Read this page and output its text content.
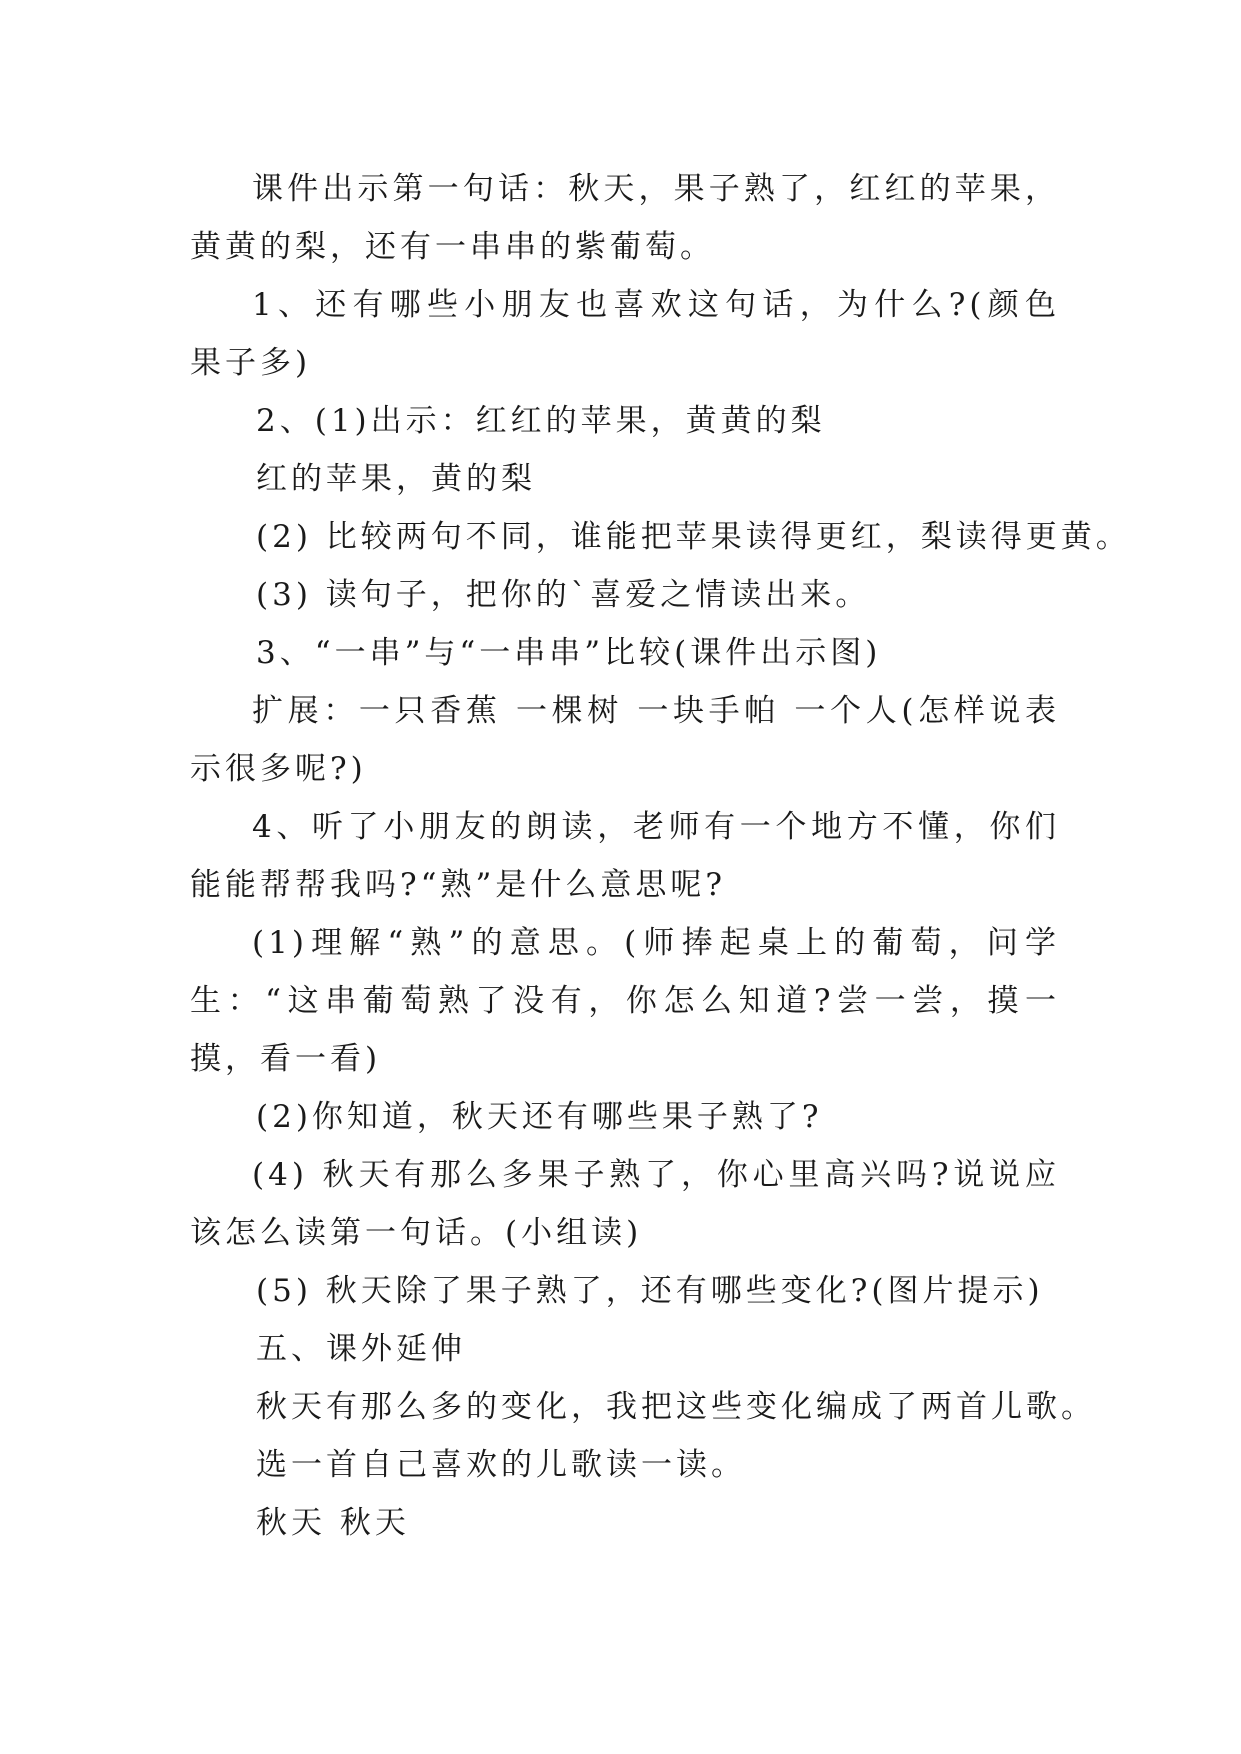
课件出示第一句话：秋天，果子熟了，红红的苹果，黄黄的梨，还有一串串的紫葡萄。

1、还有哪些小朋友也喜欢这句话，为什么?(颜色 果子多)

2、(1)出示：红红的苹果，黄黄的梨

红的苹果，黄的梨

(2) 比较两句不同，谁能把苹果读得更红，梨读得更黄。

(3) 读句子，把你的`喜爱之情读出来。

3、“一串”与“一串串”比较(课件出示图)

扩展：一只香蕉 一棵树 一块手帕 一个人(怎样说表示很多呢?)

4、听了小朋友的朗读，老师有一个地方不懂，你们能能帮帮我吗?“熟”是什么意思呢?

(1)理解“熟”的意思。(师捧起桌上的葡萄，问学生：“这串葡萄熟了没有，你怎么知道?尝一尝，摸一摸，看一看)

(2)你知道，秋天还有哪些果子熟了?

(4) 秋天有那么多果子熟了，你心里高兴吗?说说应该怎么读第一句话。(小组读)

(5) 秋天除了果子熟了，还有哪些变化?(图片提示)

五、课外延伸

秋天有那么多的变化，我把这些变化编成了两首儿歌。

选一首自己喜欢的儿歌读一读。

秋天 秋天
